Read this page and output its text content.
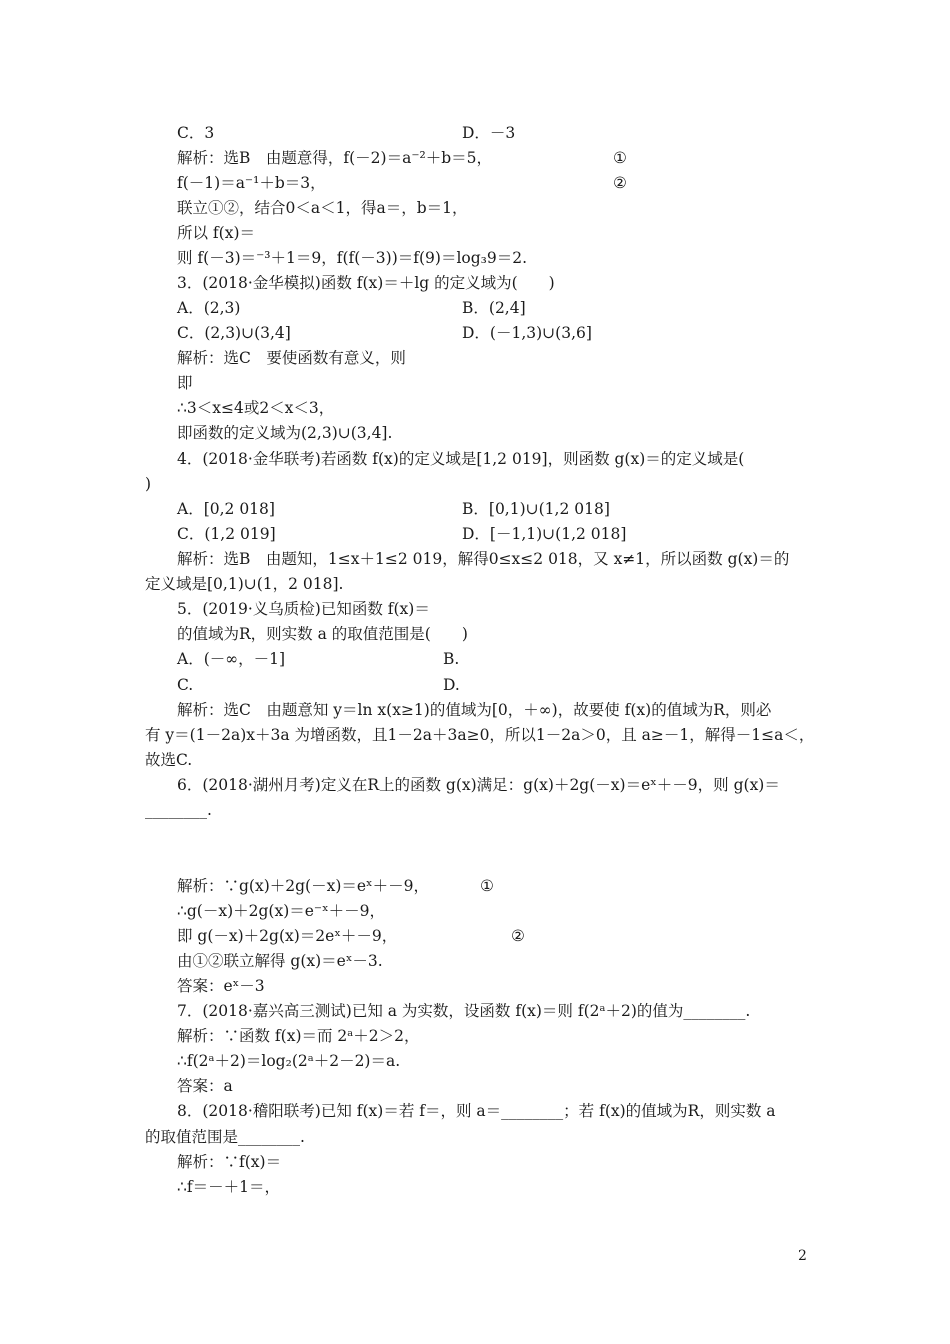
C．3	D．－3
解析：选B　由题意得，f(－2)＝a⁻²＋b＝5，	①
f(－1)＝a⁻¹＋b＝3，	②
联立①②，结合0＜a＜1，得a＝，b＝1，
所以 f(x)＝
则 f(－3)＝⁻³＋1＝9，f(f(－3))＝f(9)＝log₃9＝2.
3．(2018·金华模拟)函数 f(x)＝＋lg 的定义域为(　　)
A．(2,3)	B．(2,4]
C．(2,3)∪(3,4]	D．(－1,3)∪(3,6]
解析：选C　要使函数有意义，则
即
∴3＜x≤4或2＜x＜3，
即函数的定义域为(2,3)∪(3,4].
4．(2018·金华联考)若函数 f(x)的定义域是[1,2 019]，则函数 g(x)＝的定义域是(
)
A．[0,2 018]	B．[0,1)∪(1,2 018]
C．(1,2 019]	D．[－1,1)∪(1,2 018]
解析：选B　由题知，1≤x＋1≤2 019，解得0≤x≤2 018，又 x≠1，所以函数 g(x)＝的
定义域是[0,1)∪(1，2 018].
5．(2019·义乌质检)已知函数 f(x)＝
的值域为R，则实数 a 的取值范围是(　　)
A．(－∞，－1]	B.
C.	D.
解析：选C　由题意知 y＝ln x(x≥1)的值域为[0，＋∞)，故要使 f(x)的值域为R，则必
有 y＝(1－2a)x＋3a 为增函数，且1－2a＋3a≥0，所以1－2a＞0，且 a≥－1，解得－1≤a＜，
故选C.
6．(2018·湖州月考)定义在R上的函数 g(x)满足：g(x)＋2g(－x)＝eˣ＋－9，则 g(x)＝
________.
解析：∵g(x)＋2g(－x)＝eˣ＋－9，	①
∴g(－x)＋2g(x)＝e⁻ˣ＋－9，
即 g(－x)＋2g(x)＝2eˣ＋－9，	②
由①②联立解得 g(x)＝eˣ－3.
答案：eˣ－3
7．(2018·嘉兴高三测试)已知 a 为实数，设函数 f(x)＝则 f(2ᵃ＋2)的值为________.
解析：∵函数 f(x)＝而 2ᵃ＋2＞2，
∴f(2ᵃ＋2)＝log₂(2ᵃ＋2－2)＝a.
答案：a
8．(2018·稽阳联考)已知 f(x)＝若 f＝，则 a＝________；若 f(x)的值域为R，则实数 a
的取值范围是________.
解析：∵f(x)＝
∴f＝－＋1＝，
2
